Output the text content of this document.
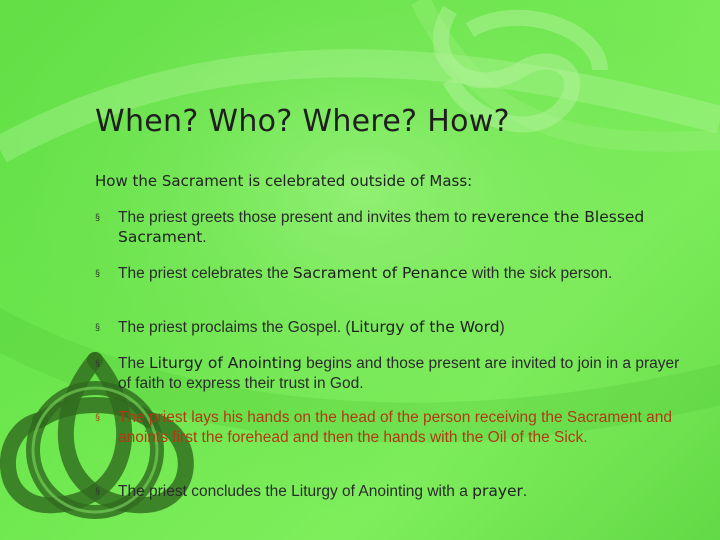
When? Who? Where? How?

How the Sacrament is celebrated outside of Mass:

§ The priest greets those present and invites them to reverence the Blessed Sacrament.
§ The priest celebrates the Sacrament of Penance with the sick person.
§ The priest proclaims the Gospel. (Liturgy of the Word)
§ The Liturgy of Anointing begins and those present are invited to join in a prayer of faith to express their trust in God.
§ The priest lays his hands on the head of the person receiving the Sacrament and anoints first the forehead and then the hands with the Oil of the Sick.
§ The priest concludes the Liturgy of Anointing with a prayer.
